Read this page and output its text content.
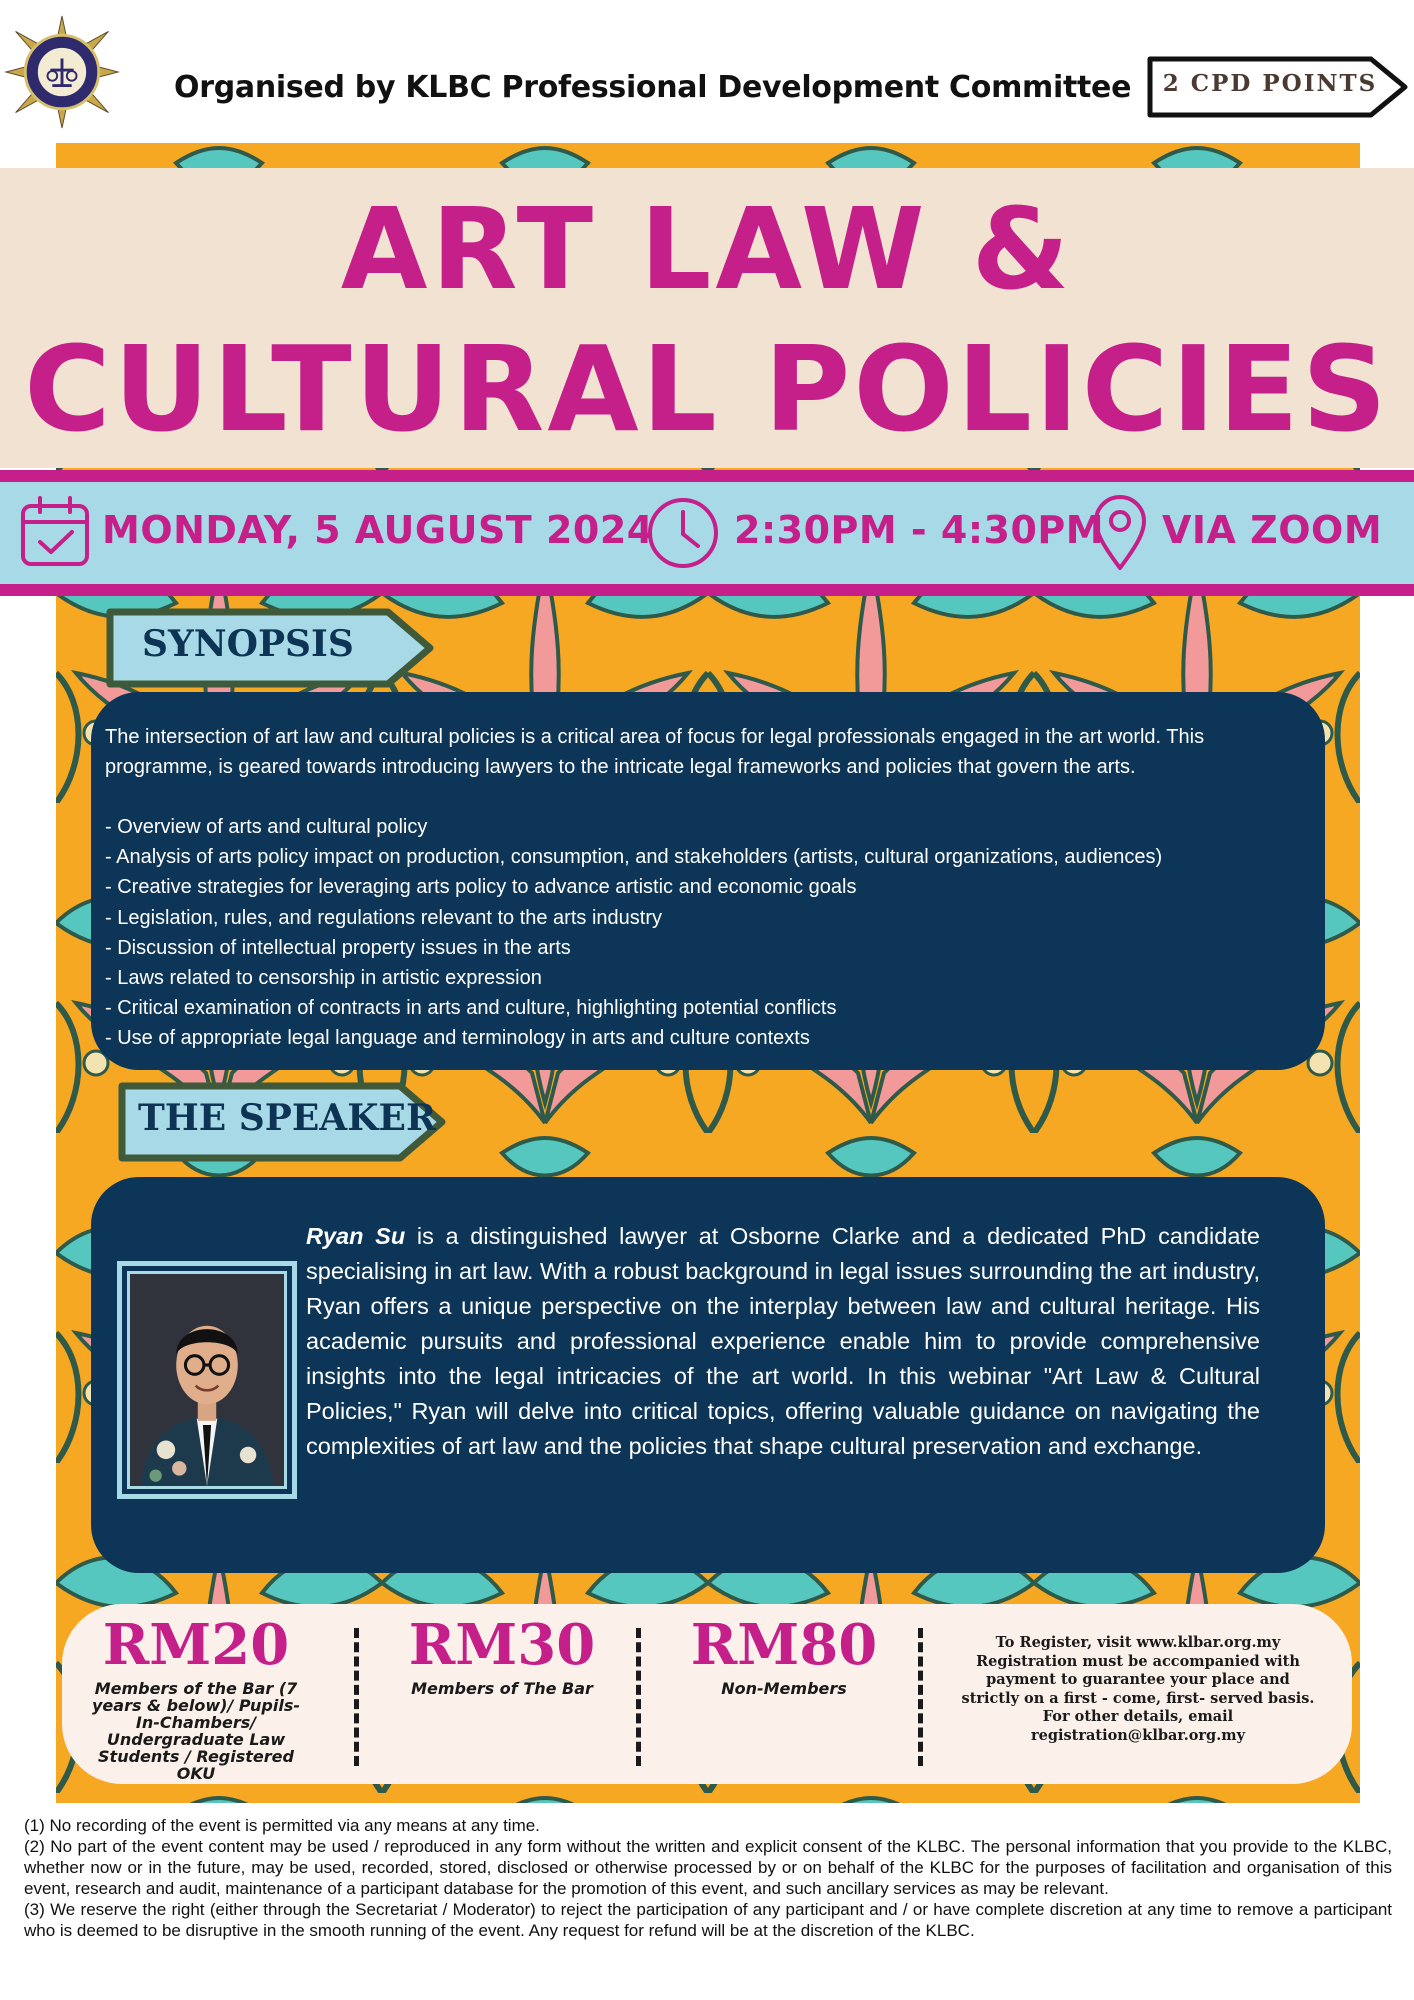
Organised by KLBC Professional Development Committee 2 CPD POINTS
ART LAW &
CULTURAL POLICIES
MONDAY, 5 AUGUST 2024 2:30PM - 4:30PM VIA ZOOM
SYNOPSIS

The intersection of art law and cultural policies is a critical area of focus for legal professionals engaged in the art world. This programme, is geared towards introducing lawyers to the intricate legal frameworks and policies that govern the arts.

- Overview of arts and cultural policy
- Analysis of arts policy impact on production, consumption, and stakeholders (artists, cultural organizations, audiences)
- Creative strategies for leveraging arts policy to advance artistic and economic goals
- Legislation, rules, and regulations relevant to the arts industry
- Discussion of intellectual property issues in the arts
- Laws related to censorship in artistic expression
- Critical examination of contracts in arts and culture, highlighting potential conflicts
- Use of appropriate legal language and terminology in arts and culture contexts
THE SPEAKER

Ryan Su is a distinguished lawyer at Osborne Clarke and a dedicated PhD candidate specialising in art law. With a robust background in legal issues surrounding the art industry, Ryan offers a unique perspective on the interplay between law and cultural heritage. His academic pursuits and professional experience enable him to provide comprehensive insights into the legal intricacies of the art world. In this webinar "Art Law & Cultural Policies," Ryan will delve into critical topics, offering valuable guidance on navigating the complexities of art law and the policies that shape cultural preservation and exchange.

RM20
Members of the Bar (7 years & below)/ Pupils-In-Chambers/ Undergraduate Law Students / Registered OKU
RM30
Members of The Bar
RM80
Non-Members
To Register, visit www.klbar.org.my
Registration must be accompanied with
payment to guarantee your place and
strictly on a first - come, first- served basis.
For other details, email
registration@klbar.org.my
(1) No recording of the event is permitted via any means at any time.
(2) No part of the event content may be used / reproduced in any form without the written and explicit consent of the KLBC. The personal information that you provide to the KLBC, whether now or in the future, may be used, recorded, stored, disclosed or otherwise processed by or on behalf of the KLBC for the purposes of facilitation and organisation of this event, research and audit, maintenance of a participant database for the promotion of this event, and such ancillary services as may be relevant.
(3) We reserve the right (either through the Secretariat / Moderator) to reject the participation of any participant and / or have complete discretion at any time to remove a participant who is deemed to be disruptive in the smooth running of the event. Any request for refund will be at the discretion of the KLBC.
